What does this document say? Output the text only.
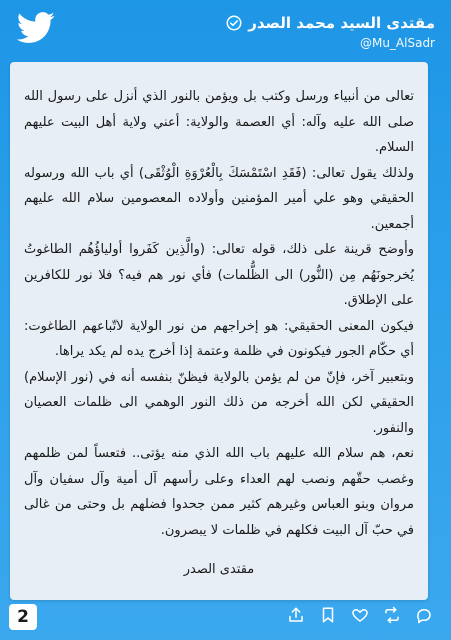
مقتدى السيد محمد الصدر
@Mu_AlSadr

تعالى من أنبياء ورسل وكتب بل ويؤمن بالنور الذي أنزل على رسول الله صلى الله عليه وآله: أي العصمة والولاية: أعني ولاية أهل البيت عليهم السلام.

ولذلك يقول تعالى: (فَقَدِ اسْتَمْسَكَ بِالْعُرْوَةِ الْوُثْقَى) أي باب الله ورسوله الحقيقي وهو علي أمير المؤمنين وأولاده المعصومين سلام الله عليهم أجمعين.

وأوضح قرينة على ذلك، قوله تعالى: (والَّذِين كَفَروا أولياؤُهُم الطاغوتُ يُخرجونَهُم مِن (النُّور) الى الظُّلمات) فأي نور هم فيه؟ فلا نور للكافرين على الإطلاق.

فيكون المعنى الحقيقي: هو إخراجهم من نور الولاية لاتّباعهم الطاغوت: أي حكّام الجور فيكونون في ظلمة وعتمة إذا أخرج يده لم يكد يراها.

وبتعبير آخر، فإنّ من لم يؤمن بالولاية فيظنّ بنفسه أنه في (نور الإسلام) الحقيقي لكن الله أخرجه من ذلك النور الوهمي الى ظلمات العصيان والنفور.

نعم، هم سلام الله عليهم باب الله الذي منه يؤتى.. فتعساً لمن ظلمهم وغصب حقّهم ونصب لهم العداء وعلى رأسهم آل أمية وآل سفيان وآل مروان وبنو العباس وغيرهم كثير ممن جحدوا فضلهم بل وحتى من غالى في حبّ آل البيت فكلهم في ظلمات لا يبصرون.

مقتدى الصدر
2
